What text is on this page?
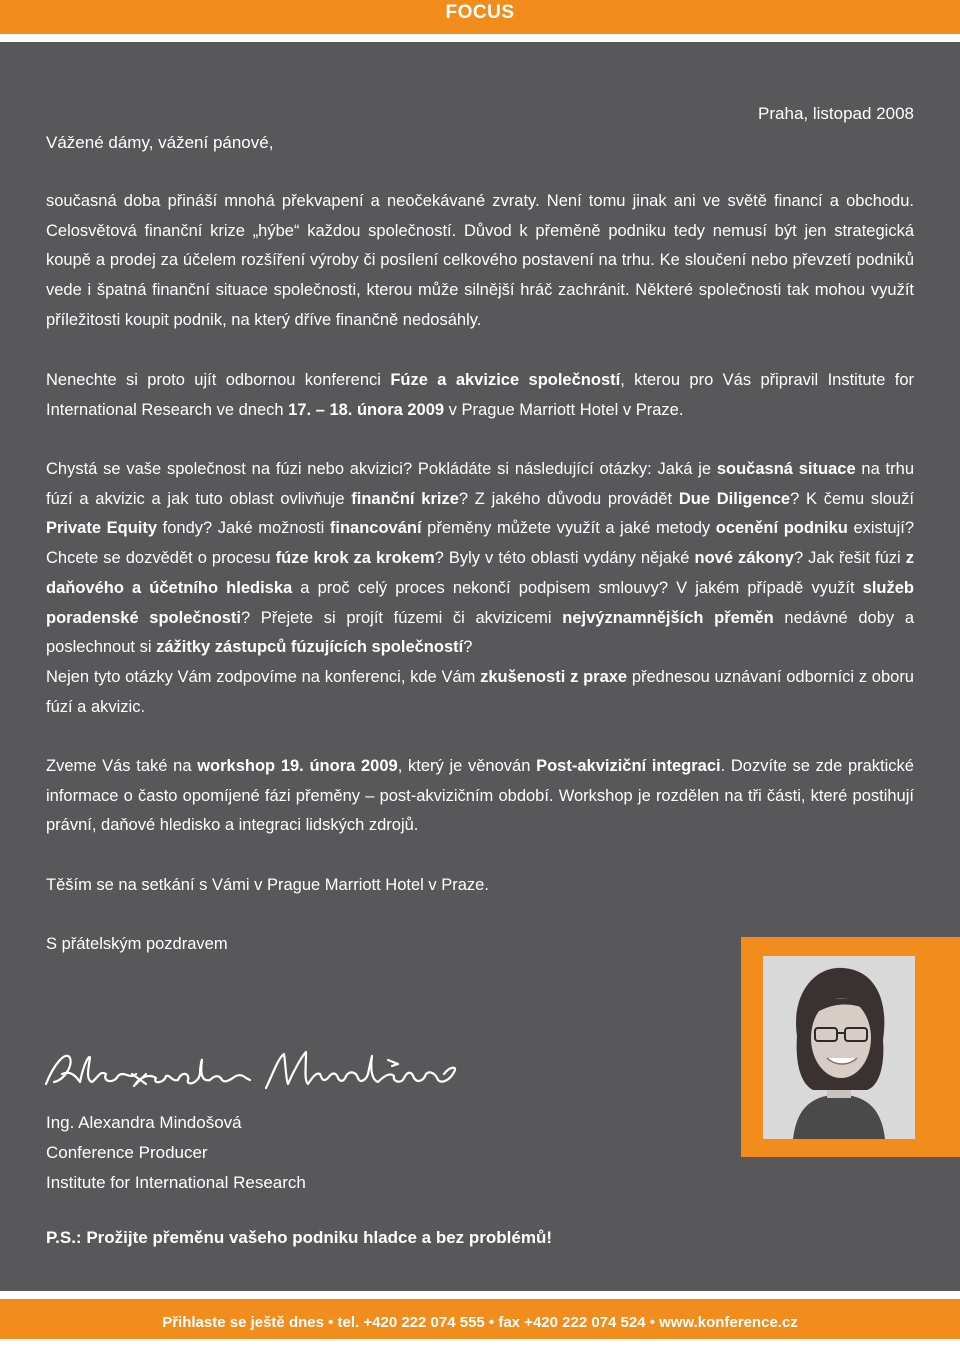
FOCUS
Praha, listopad 2008
Vážené dámy, vážení pánové,

současná doba přináší mnohá překvapení a neočekávané zvraty. Není tomu jinak ani ve světě financí a obchodu. Celosvětová finanční krize „hýbe“ každou společností. Důvod k přeměně podniku tedy nemusí být jen strategická koupě a prodej za účelem rozšíření výroby či posílení celkového postavení na trhu. Ke sloučení nebo převzetí podniků vede i špatná finanční situace společnosti, kterou může silnější hráč zachránit. Některé společnosti tak mohou využít příležitosti koupit podnik, na který dříve finančně nedosáhly.

Nenechte si proto ujít odbornou konferenci Fúze a akvizice společností, kterou pro Vás připravil Institute for International Research ve dnech 17. – 18. února 2009 v Prague Marriott Hotel v Praze.

Chystá se vaše společnost na fúzi nebo akvizici? Pokládáte si následující otázky: Jaká je současná situace na trhu fúzí a akvizic a jak tuto oblast ovlivňuje finanční krize? Z jakého důvodu provádět Due Diligence? K čemu slouží Private Equity fondy? Jaké možnosti financování přeměny můžete využít a jaké metody ocenění podniku existují? Chcete se dozvědět o procesu fúze krok za krokem? Byly v této oblasti vydány nějaké nové zákony? Jak řešit fúzi z daňového a účetního hlediska a proč celý proces nekončí podpisem smlouvy? V jakém případě využít služeb poradenské společnosti? Přejete si projít fúzemi či akvizicemi nejvýznamnějších přeměn nedávné doby a poslechnout si zážitky zástupců fúzujících společností?
Nejen tyto otázky Vám zodpovíme na konferenci, kde Vám zkušenosti z praxe přednesou uznávaní odborníci z oboru fúzí a akvizic.

Zveme Vás také na workshop 19. února 2009, který je věnován Post-akviziční integraci. Dozvíte se zde praktické informace o často opomíjené fázi přeměny – post-akvizičním období. Workshop je rozdělen na tři části, které postihují právní, daňové hledisko a integraci lidských zdrojů.

Těším se na setkání s Vámi v Prague Marriott Hotel v Praze.

S přátelským pozdravem

Ing. Alexandra Mindošová
Conference Producer
Institute for International Research
P.S.: Prožijte přeměnu vašeho podniku hladce a bez problémů!
Přihlaste se ještě dnes • tel. +420 222 074 555 • fax +420 222 074 524 • www.konference.cz
